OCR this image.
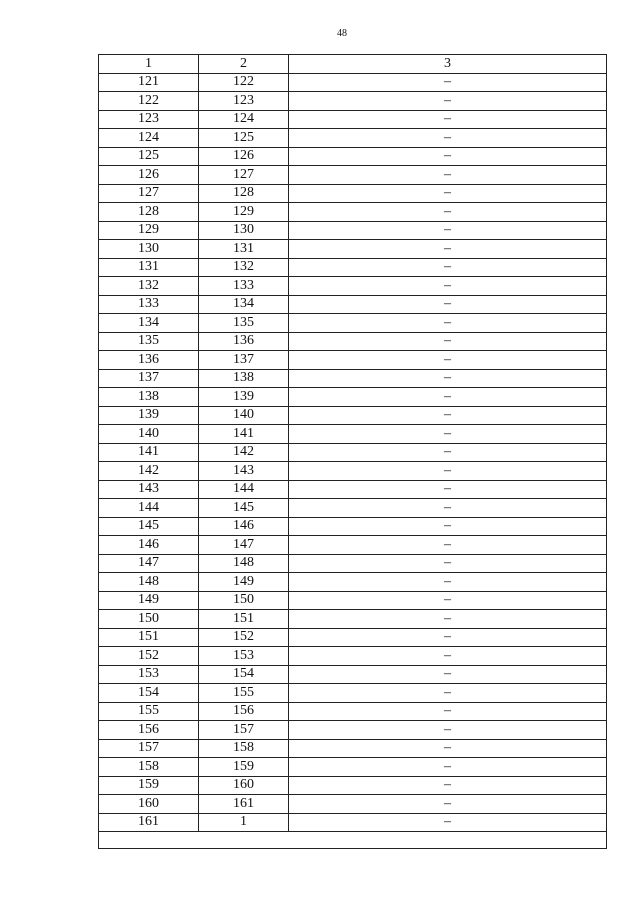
48
1	2	3
121	122	–
122	123	–
123	124	–
124	125	–
125	126	–
126	127	–
127	128	–
128	129	–
129	130	–
130	131	–
131	132	–
132	133	–
133	134	–
134	135	–
135	136	–
136	137	–
137	138	–
138	139	–
139	140	–
140	141	–
141	142	–
142	143	–
143	144	–
144	145	–
145	146	–
146	147	–
147	148	–
148	149	–
149	150	–
150	151	–
151	152	–
152	153	–
153	154	–
154	155	–
155	156	–
156	157	–
157	158	–
158	159	–
159	160	–
160	161	–
161	1	–
